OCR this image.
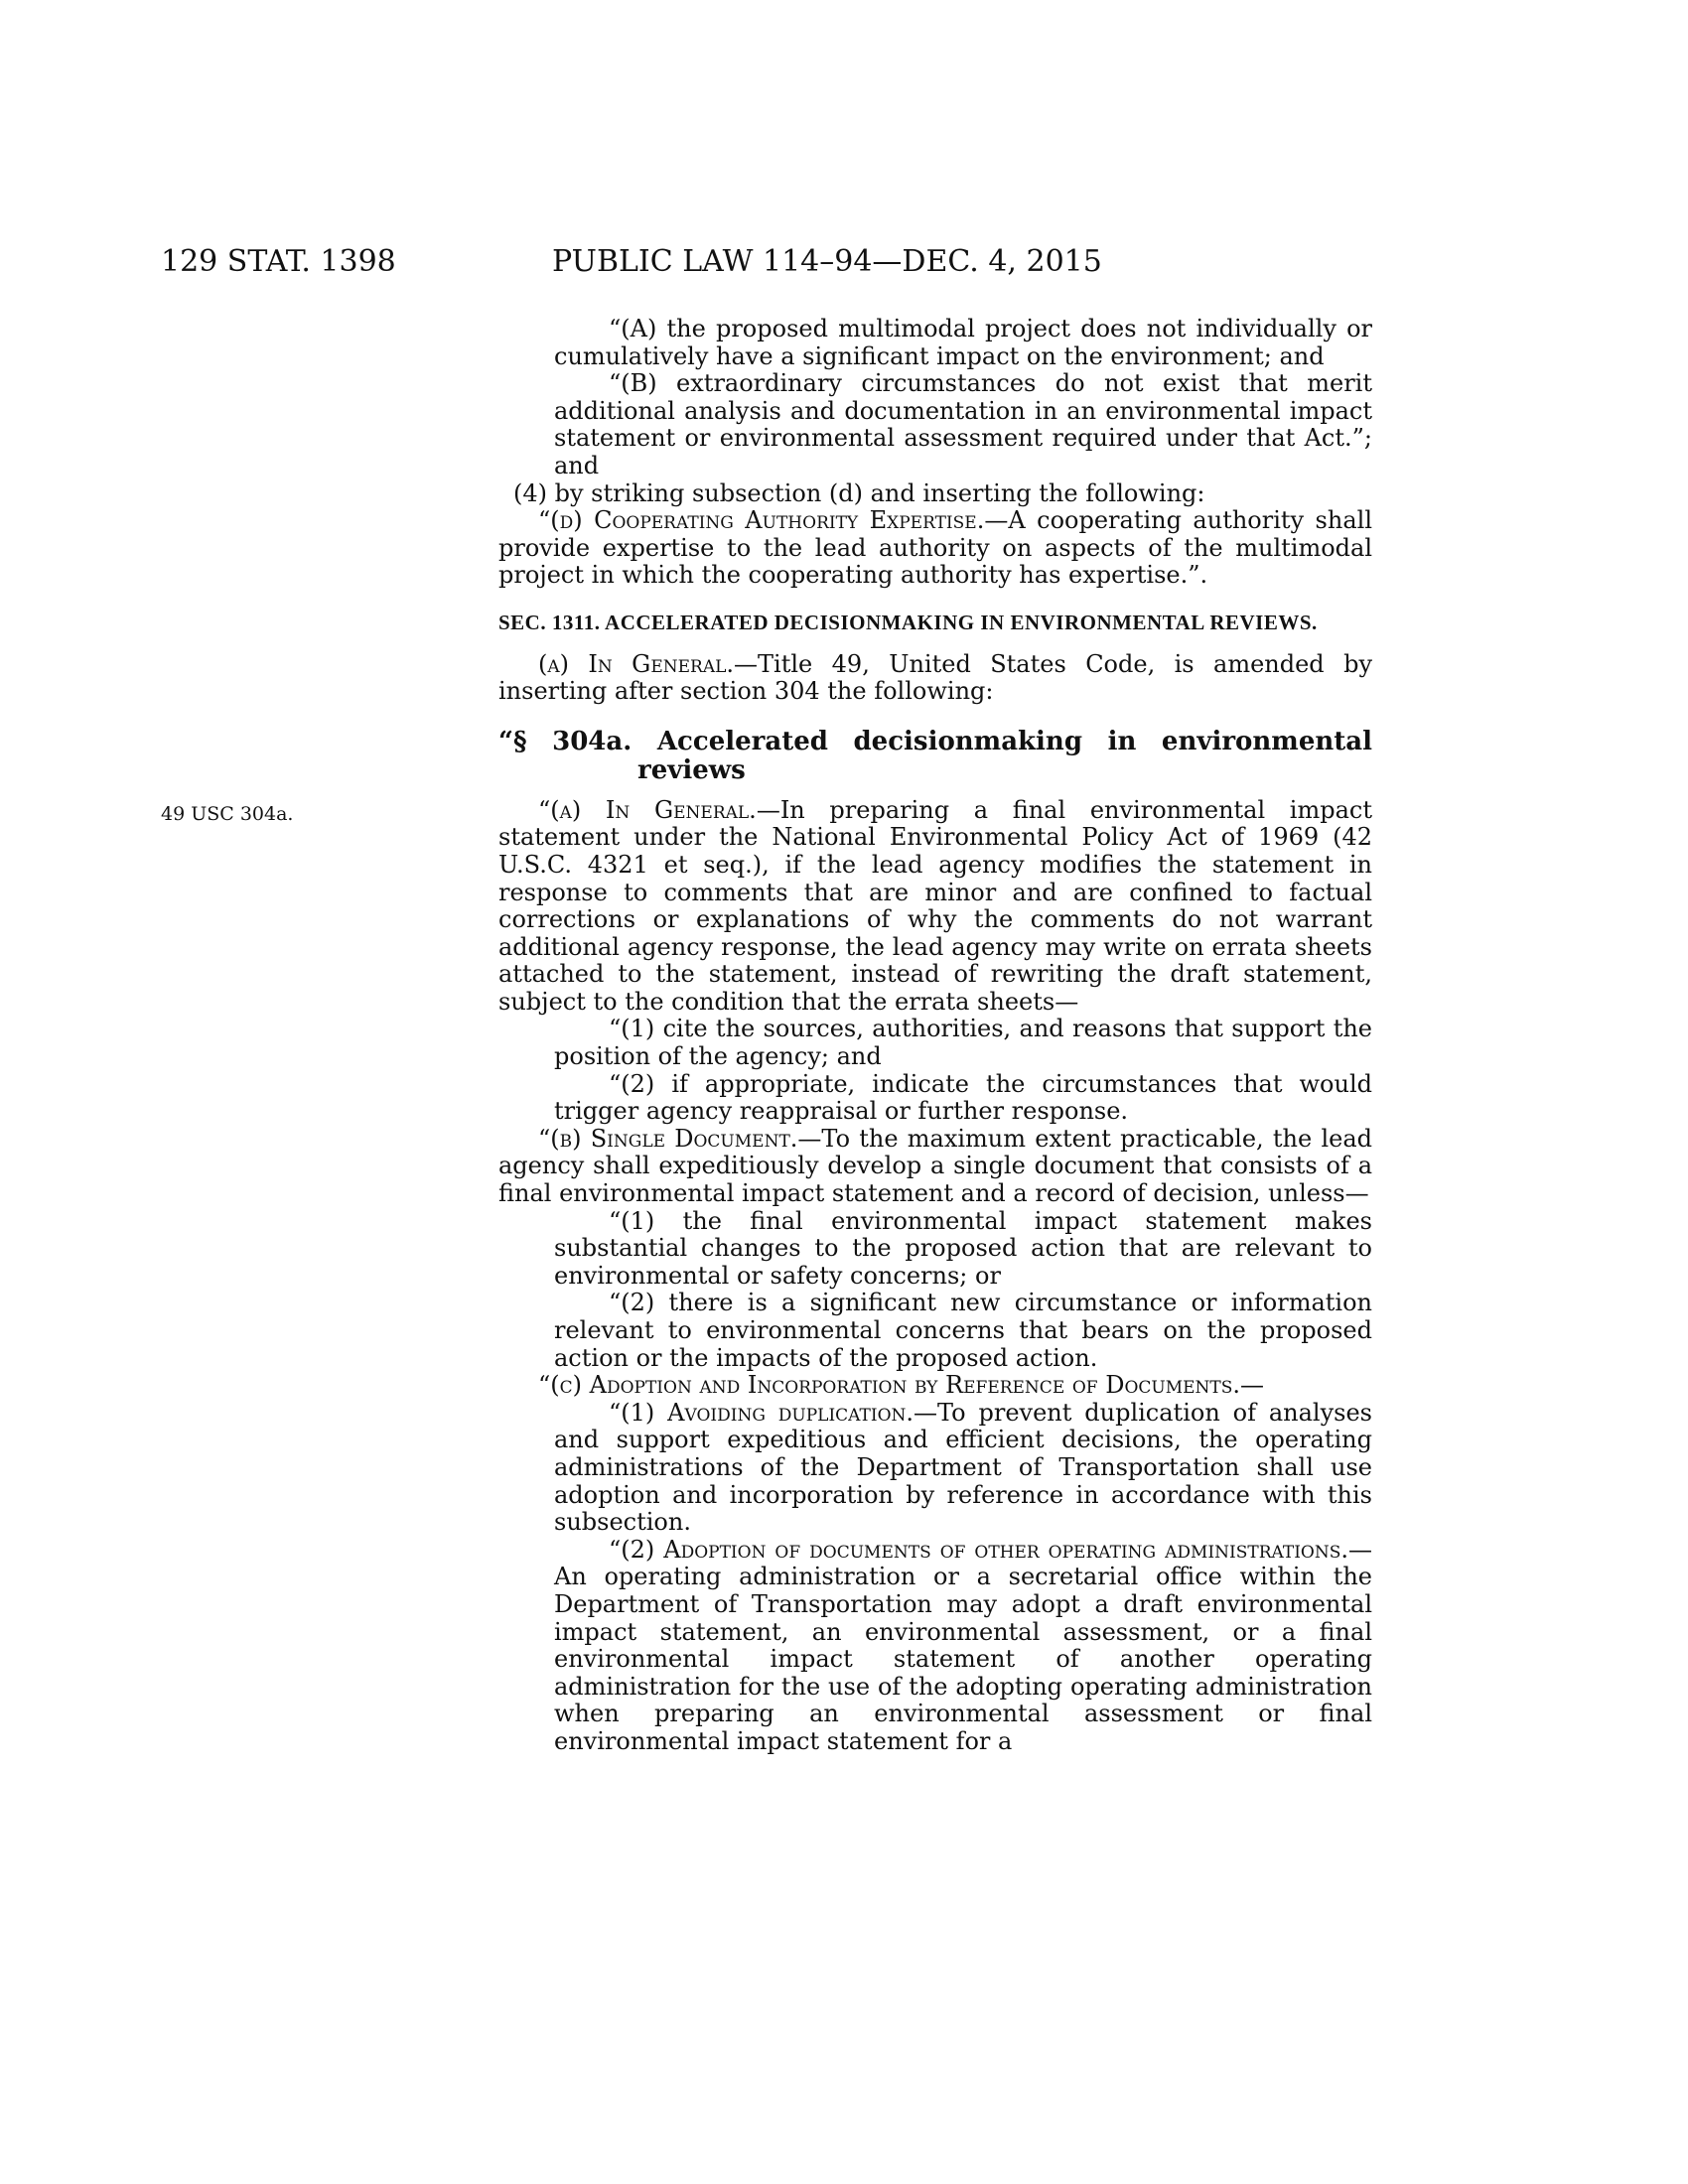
129 STAT. 1398	PUBLIC LAW 114–94—DEC. 4, 2015
49 USC 304a.

“(A) the proposed multimodal project does not individually or cumulatively have a significant impact on the environment; and

“(B) extraordinary circumstances do not exist that merit additional analysis and documentation in an environmental impact statement or environmental assessment required under that Act.”; and

(4) by striking subsection (d) and inserting the following:

“(d) Cooperating Authority Expertise.—A cooperating authority shall provide expertise to the lead authority on aspects of the multimodal project in which the cooperating authority has expertise.”.

SEC. 1311. ACCELERATED DECISIONMAKING IN ENVIRONMENTAL REVIEWS.

(a) In General.—Title 49, United States Code, is amended by inserting after section 304 the following:

“§ 304a. Accelerated decisionmaking in environmental reviews

“(a) In General.—In preparing a final environmental impact statement under the National Environmental Policy Act of 1969 (42 U.S.C. 4321 et seq.), if the lead agency modifies the statement in response to comments that are minor and are confined to factual corrections or explanations of why the comments do not warrant additional agency response, the lead agency may write on errata sheets attached to the statement, instead of rewriting the draft statement, subject to the condition that the errata sheets—

“(1) cite the sources, authorities, and reasons that support the position of the agency; and

“(2) if appropriate, indicate the circumstances that would trigger agency reappraisal or further response.

“(b) Single Document.—To the maximum extent practicable, the lead agency shall expeditiously develop a single document that consists of a final environmental impact statement and a record of decision, unless—

“(1) the final environmental impact statement makes substantial changes to the proposed action that are relevant to environmental or safety concerns; or

“(2) there is a significant new circumstance or information relevant to environmental concerns that bears on the proposed action or the impacts of the proposed action.

“(c) Adoption and Incorporation by Reference of Documents.—

“(1) Avoiding duplication.—To prevent duplication of analyses and support expeditious and efficient decisions, the operating administrations of the Department of Transportation shall use adoption and incorporation by reference in accordance with this subsection.

“(2) Adoption of documents of other operating administrations.—An operating administration or a secretarial office within the Department of Transportation may adopt a draft environmental impact statement, an environmental assessment, or a final environmental impact statement of another operating administration for the use of the adopting operating administration when preparing an environmental assessment or final environmental impact statement for a
